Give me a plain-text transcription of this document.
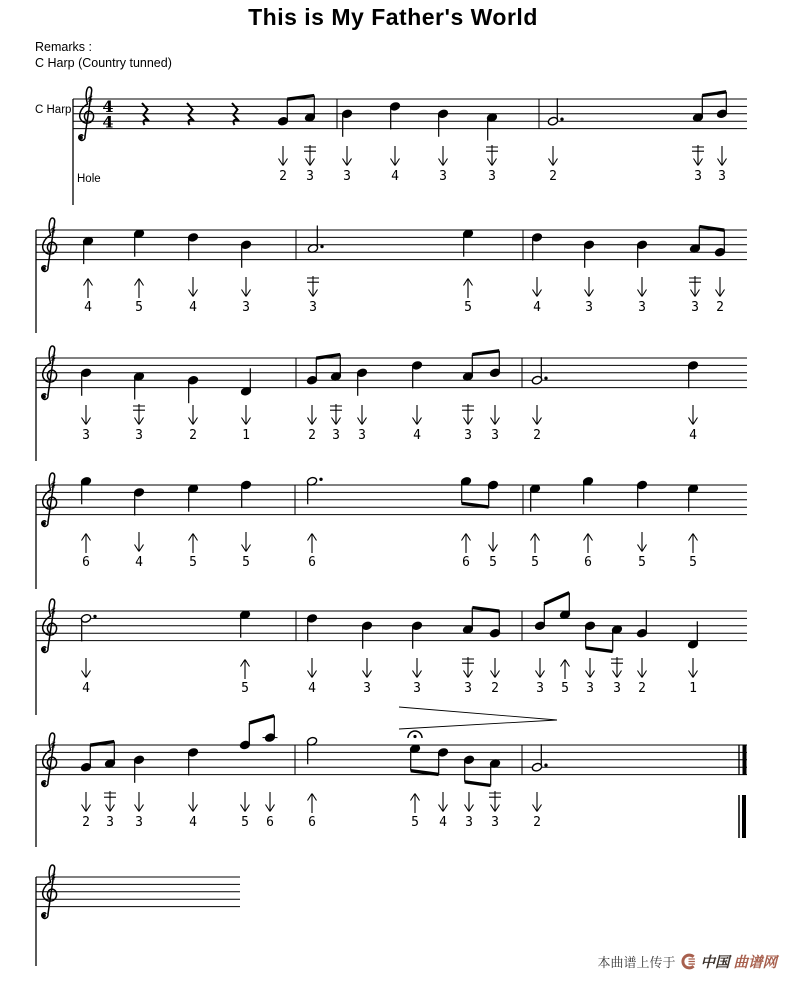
This is My Father's World
Remarks :
C Harp (Country tunned)
C Harp
Hole
♯ 4
4
2	3	3	4	3	3	2	3	3
♯
4	5	4	3	3	5	4	3	3	3	2
♯
3	3	2	1	2	3	3	4	3	3	2	4
♯
6	4	5	5	6	6	5	5	6	5	5
♯
4	5	4	3	3	3	2	3	5	3	3	2	1
♯
2	3	3	4	5	6	6	5	4	3	3	2
♯
本曲谱上传于 中国 曲谱网
